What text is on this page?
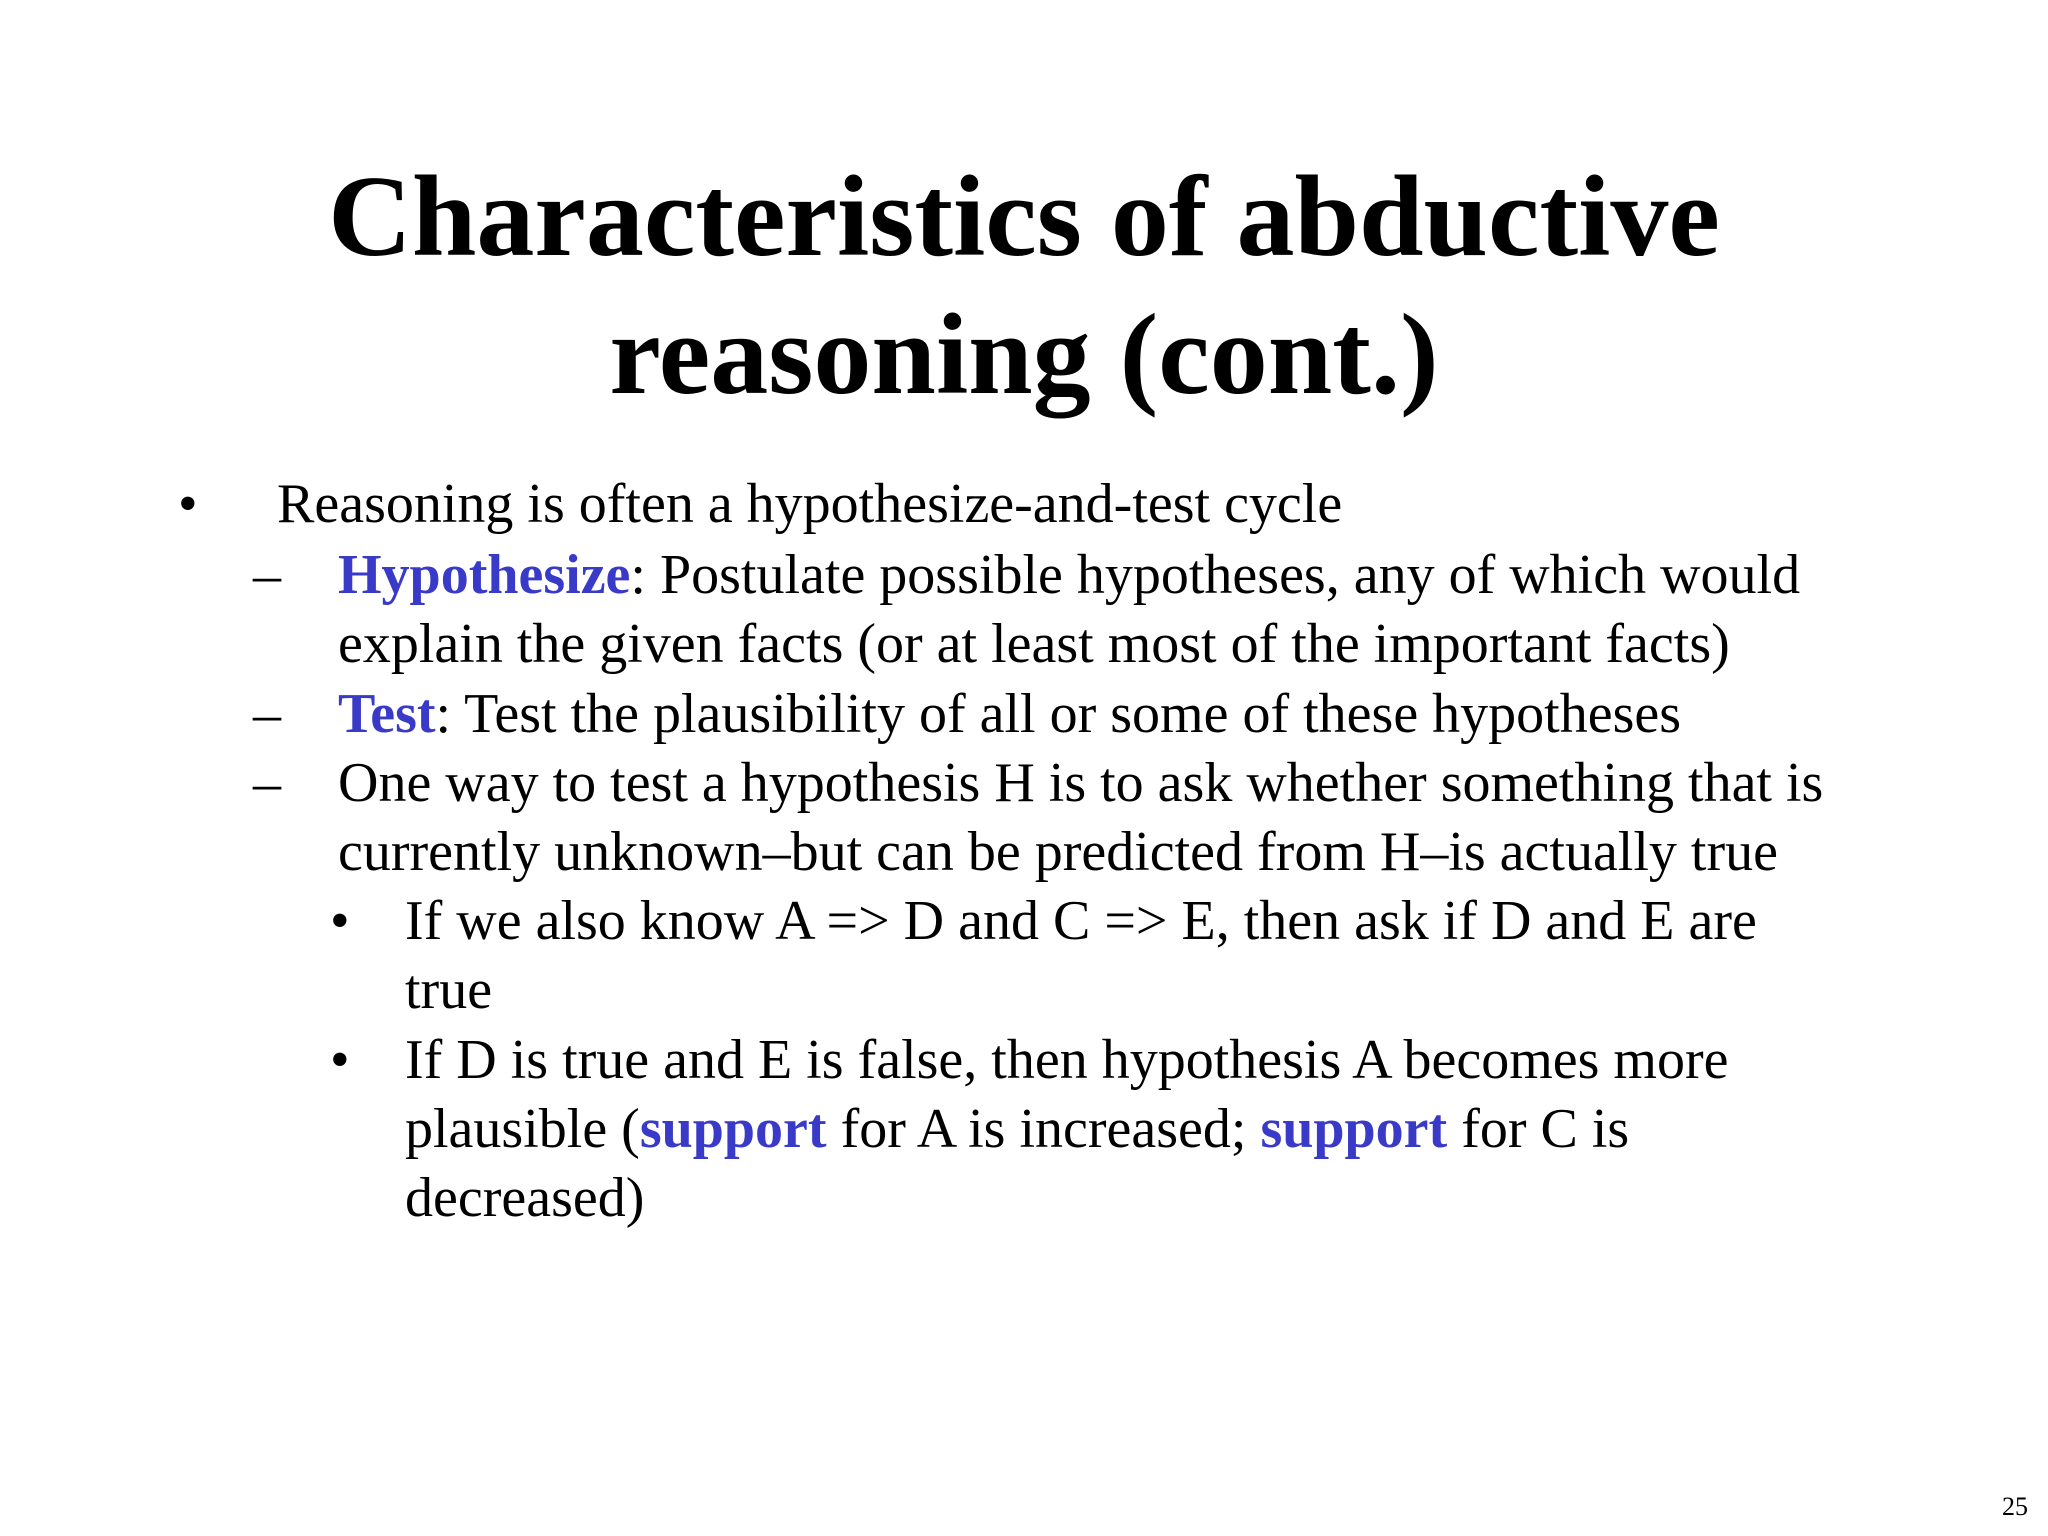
Characteristics of abductive
reasoning (cont.)
• Reasoning is often a hypothesize-and-test cycle
– Hypothesize: Postulate possible hypotheses, any of which would
explain the given facts (or at least most of the important facts)
– Test: Test the plausibility of all or some of these hypotheses
– One way to test a hypothesis H is to ask whether something that is
currently unknown–but can be predicted from H–is actually true
• If we also know A => D and C => E, then ask if D and E are
true
• If D is true and E is false, then hypothesis A becomes more
plausible (support for A is increased; support for C is
decreased)
25
